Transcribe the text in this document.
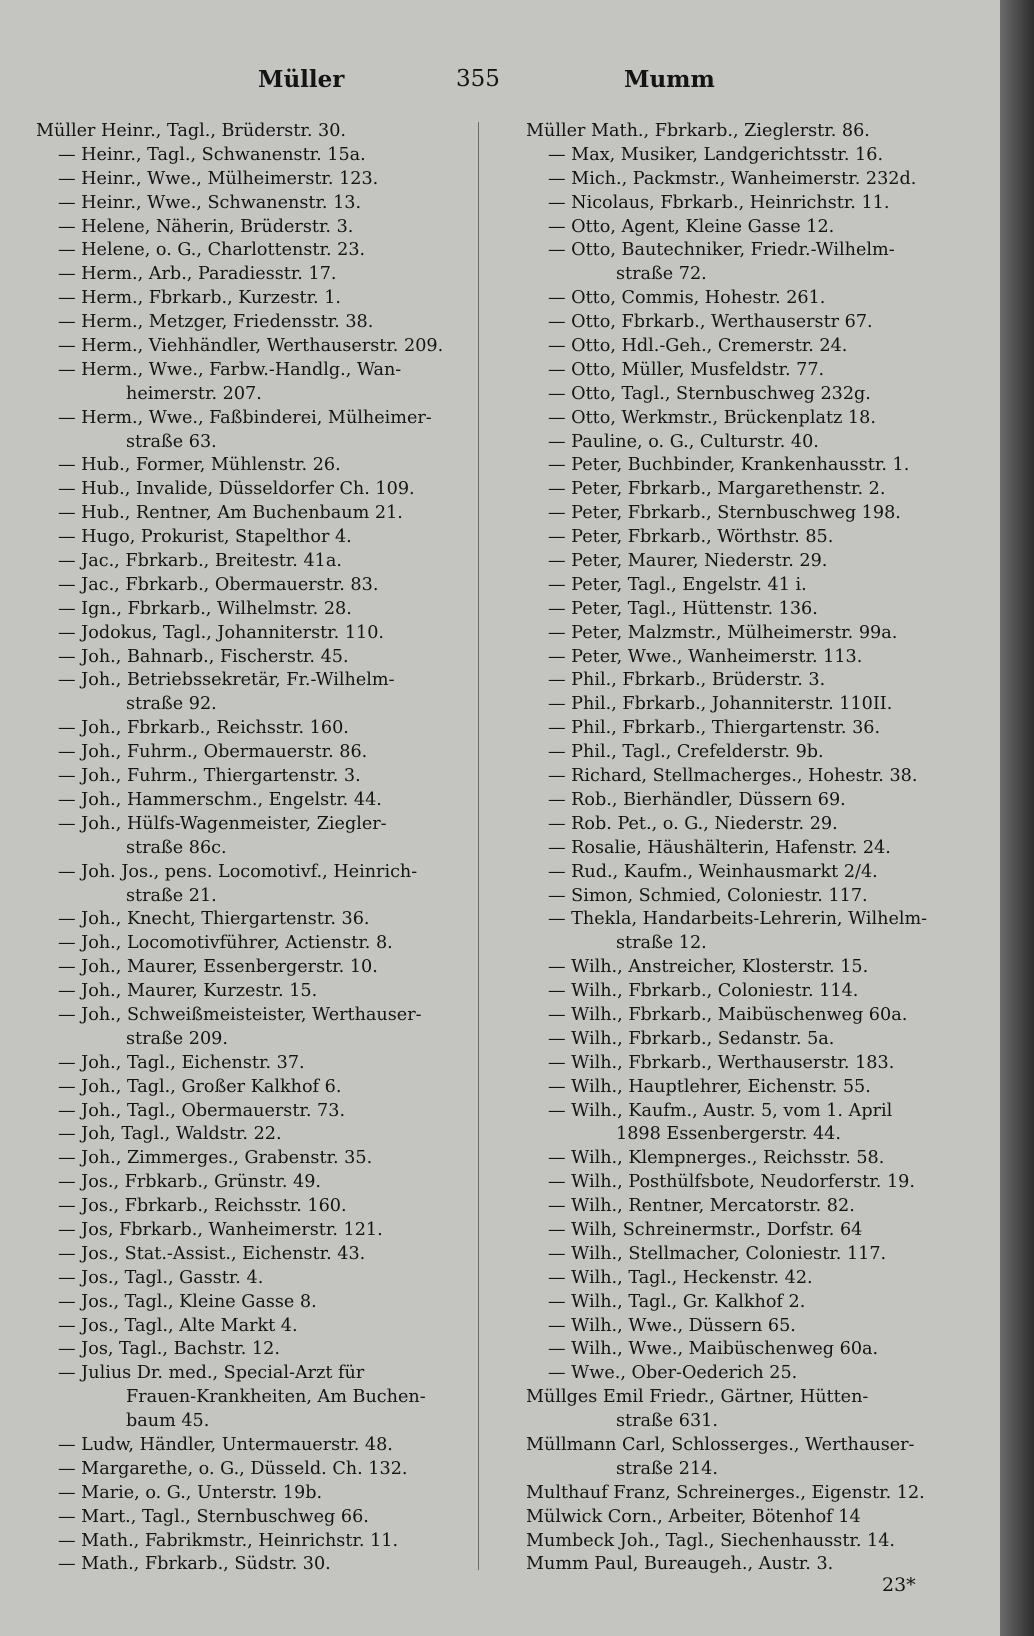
Müller	355	Mumm
Müller Heinr., Tagl., Brüderstr. 30.
— Heinr., Tagl., Schwanenstr. 15a.
— Heinr., Wwe., Mülheimerstr. 123.
— Heinr., Wwe., Schwanenstr. 13.
— Helene, Näherin, Brüderstr. 3.
— Helene, o. G., Charlottenstr. 23.
— Herm., Arb., Paradiesstr. 17.
— Herm., Fbrkarb., Kurzestr. 1.
— Herm., Metzger, Friedensstr. 38.
— Herm., Viehhändler, Werthauserstr. 209.
— Herm., Wwe., Farbw.-Handlg., Wan-
heimerstr. 207.
— Herm., Wwe., Faßbinderei, Mülheimer-
straße 63.
— Hub., Former, Mühlenstr. 26.
— Hub., Invalide, Düsseldorfer Ch. 109.
— Hub., Rentner, Am Buchenbaum 21.
— Hugo, Prokurist, Stapelthor 4.
— Jac., Fbrkarb., Breitestr. 41a.
— Jac., Fbrkarb., Obermauerstr. 83.
— Ign., Fbrkarb., Wilhelmstr. 28.
— Jodokus, Tagl., Johanniterstr. 110.
— Joh., Bahnarb., Fischerstr. 45.
— Joh., Betriebssekretär, Fr.-Wilhelm-
straße 92.
— Joh., Fbrkarb., Reichsstr. 160.
— Joh., Fuhrm., Obermauerstr. 86.
— Joh., Fuhrm., Thiergartenstr. 3.
— Joh., Hammerschm., Engelstr. 44.
— Joh., Hülfs-Wagenmeister, Ziegler-
straße 86c.
— Joh. Jos., pens. Locomotivf., Heinrich-
straße 21.
— Joh., Knecht, Thiergartenstr. 36.
— Joh., Locomotivführer, Actienstr. 8.
— Joh., Maurer, Essenbergerstr. 10.
— Joh., Maurer, Kurzestr. 15.
— Joh., Schweißmeisteister, Werthauser-
straße 209.
— Joh., Tagl., Eichenstr. 37.
— Joh., Tagl., Großer Kalkhof 6.
— Joh., Tagl., Obermauerstr. 73.
— Joh, Tagl., Waldstr. 22.
— Joh., Zimmerges., Grabenstr. 35.
— Jos., Frbkarb., Grünstr. 49.
— Jos., Fbrkarb., Reichsstr. 160.
— Jos, Fbrkarb., Wanheimerstr. 121.
— Jos., Stat.-Assist., Eichenstr. 43.
— Jos., Tagl., Gasstr. 4.
— Jos., Tagl., Kleine Gasse 8.
— Jos., Tagl., Alte Markt 4.
— Jos, Tagl., Bachstr. 12.
— Julius Dr. med., Special-Arzt für
Frauen-Krankheiten, Am Buchen-
baum 45.
— Ludw, Händler, Untermauerstr. 48.
— Margarethe, o. G., Düsseld. Ch. 132.
— Marie, o. G., Unterstr. 19b.
— Mart., Tagl., Sternbuschweg 66.
— Math., Fabrikmstr., Heinrichstr. 11.
— Math., Fbrkarb., Südstr. 30.
Müller Math., Fbrkarb., Zieglerstr. 86.
— Max, Musiker, Landgerichtsstr. 16.
— Mich., Packmstr., Wanheimerstr. 232d.
— Nicolaus, Fbrkarb., Heinrichstr. 11.
— Otto, Agent, Kleine Gasse 12.
— Otto, Bautechniker, Friedr.-Wilhelm-
straße 72.
— Otto, Commis, Hohestr. 261.
— Otto, Fbrkarb., Werthauserstr 67.
— Otto, Hdl.-Geh., Cremerstr. 24.
— Otto, Müller, Musfeldstr. 77.
— Otto, Tagl., Sternbuschweg 232g.
— Otto, Werkmstr., Brückenplatz 18.
— Pauline, o. G., Culturstr. 40.
— Peter, Buchbinder, Krankenhausstr. 1.
— Peter, Fbrkarb., Margarethenstr. 2.
— Peter, Fbrkarb., Sternbuschweg 198.
— Peter, Fbrkarb., Wörthstr. 85.
— Peter, Maurer, Niederstr. 29.
— Peter, Tagl., Engelstr. 41 i.
— Peter, Tagl., Hüttenstr. 136.
— Peter, Malzmstr., Mülheimerstr. 99a.
— Peter, Wwe., Wanheimerstr. 113.
— Phil., Fbrkarb., Brüderstr. 3.
— Phil., Fbrkarb., Johanniterstr. 110II.
— Phil., Fbrkarb., Thiergartenstr. 36.
— Phil., Tagl., Crefelderstr. 9b.
— Richard, Stellmacherges., Hohestr. 38.
— Rob., Bierhändler, Düssern 69.
— Rob. Pet., o. G., Niederstr. 29.
— Rosalie, Häushälterin, Hafenstr. 24.
— Rud., Kaufm., Weinhausmarkt 2/4.
— Simon, Schmied, Coloniestr. 117.
— Thekla, Handarbeits-Lehrerin, Wilhelm-
straße 12.
— Wilh., Anstreicher, Klosterstr. 15.
— Wilh., Fbrkarb., Coloniestr. 114.
— Wilh., Fbrkarb., Maibüschenweg 60a.
— Wilh., Fbrkarb., Sedanstr. 5a.
— Wilh., Fbrkarb., Werthauserstr. 183.
— Wilh., Hauptlehrer, Eichenstr. 55.
— Wilh., Kaufm., Austr. 5, vom 1. April
1898 Essenbergerstr. 44.
— Wilh., Klempnerges., Reichsstr. 58.
— Wilh., Posthülfsbote, Neudorferstr. 19.
— Wilh., Rentner, Mercatorstr. 82.
— Wilh, Schreinermstr., Dorfstr. 64
— Wilh., Stellmacher, Coloniestr. 117.
— Wilh., Tagl., Heckenstr. 42.
— Wilh., Tagl., Gr. Kalkhof 2.
— Wilh., Wwe., Düssern 65.
— Wilh., Wwe., Maibüschenweg 60a.
— Wwe., Ober-Oederich 25.
Müllges Emil Friedr., Gärtner, Hütten-
straße 631.
Müllmann Carl, Schlosserges., Werthauser-
straße 214.
Multhauf Franz, Schreinerges., Eigenstr. 12.
Mülwick Corn., Arbeiter, Bötenhof 14
Mumbeck Joh., Tagl., Siechenhausstr. 14.
Mumm Paul, Bureaugeh., Austr. 3.
23*
